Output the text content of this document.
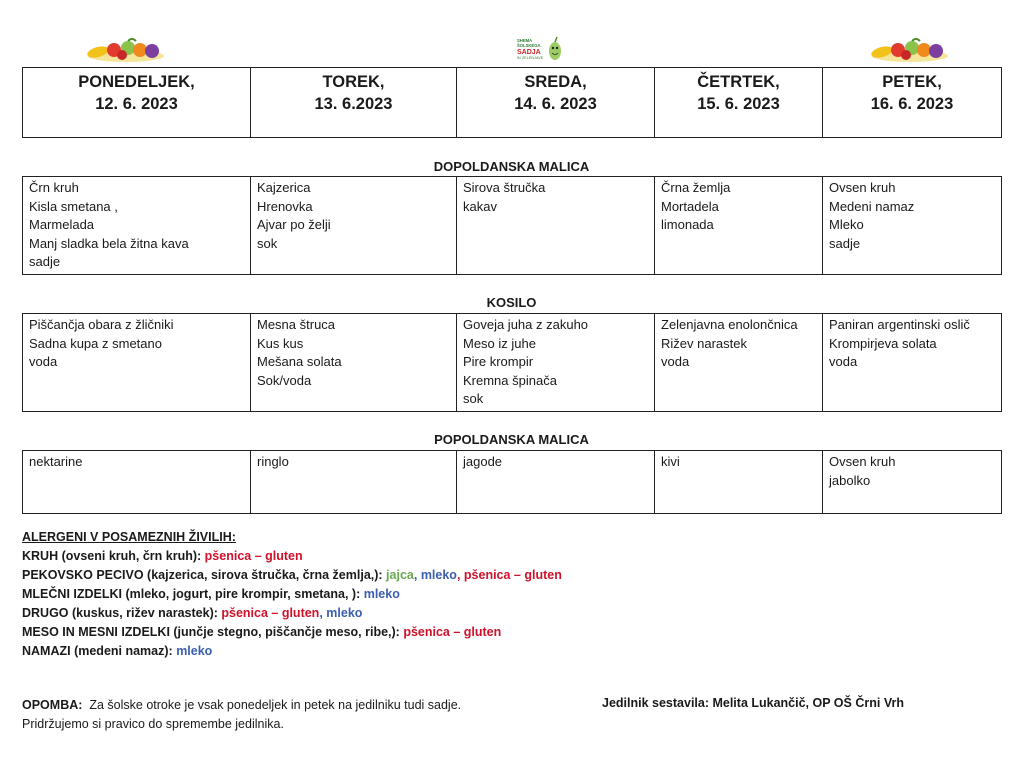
SHEMA
ŠOLSKEGA
SADJA
IN ZELENJAVE
PONEDELJEK,
12. 6. 2023

TOREK,
13. 6.2023

SREDA,
14. 6. 2023

ČETRTEK,
15. 6. 2023

PETEK,
16. 6. 2023
DOPOLDANSKA MALICA
Črn kruh
Kisla smetana ,
Marmelada
Manj sladka bela žitna kava
sadje

Kajzerica
Hrenovka
Ajvar po želji
sok

Sirova štručka
kakav

Črna žemlja
Mortadela
limonada

Ovsen kruh
Medeni namaz
Mleko
sadje
KOSILO
Piščančja obara z žličniki
Sadna kupa z smetano
voda

Mesna štruca
Kus kus
Mešana solata
Sok/voda

Goveja juha z zakuho
Meso iz juhe
Pire krompir
Kremna špinača
sok

Zelenjavna enolončnica
Rižev narastek
voda

Paniran argentinski oslič
Krompirjeva solata
voda
POPOLDANSKA MALICA
nektarine	ringlo	jagode	kivi	Ovsen kruh
jabolko
ALERGENI V POSAMEZNIH ŽIVILIH:
KRUH (ovseni kruh, črn kruh): pšenica – gluten
PEKOVSKO PECIVO (kajzerica, sirova štručka, črna žemlja,): jajca, mleko, pšenica – gluten
MLEČNI IZDELKI (mleko, jogurt, pire krompir, smetana, ): mleko
DRUGO (kuskus, rižev narastek): pšenica – gluten, mleko
MESO IN MESNI IZDELKI (junčje stegno, piščančje meso, ribe,): pšenica – gluten
NAMAZI (medeni namaz): mleko
OPOMBA: Za šolske otroke je vsak ponedeljek in petek na jedilniku tudi sadje.
Pridržujemo si pravico do spremembe jedilnika.
Jedilnik sestavila: Melita Lukančič, OP OŠ Črni Vrh
